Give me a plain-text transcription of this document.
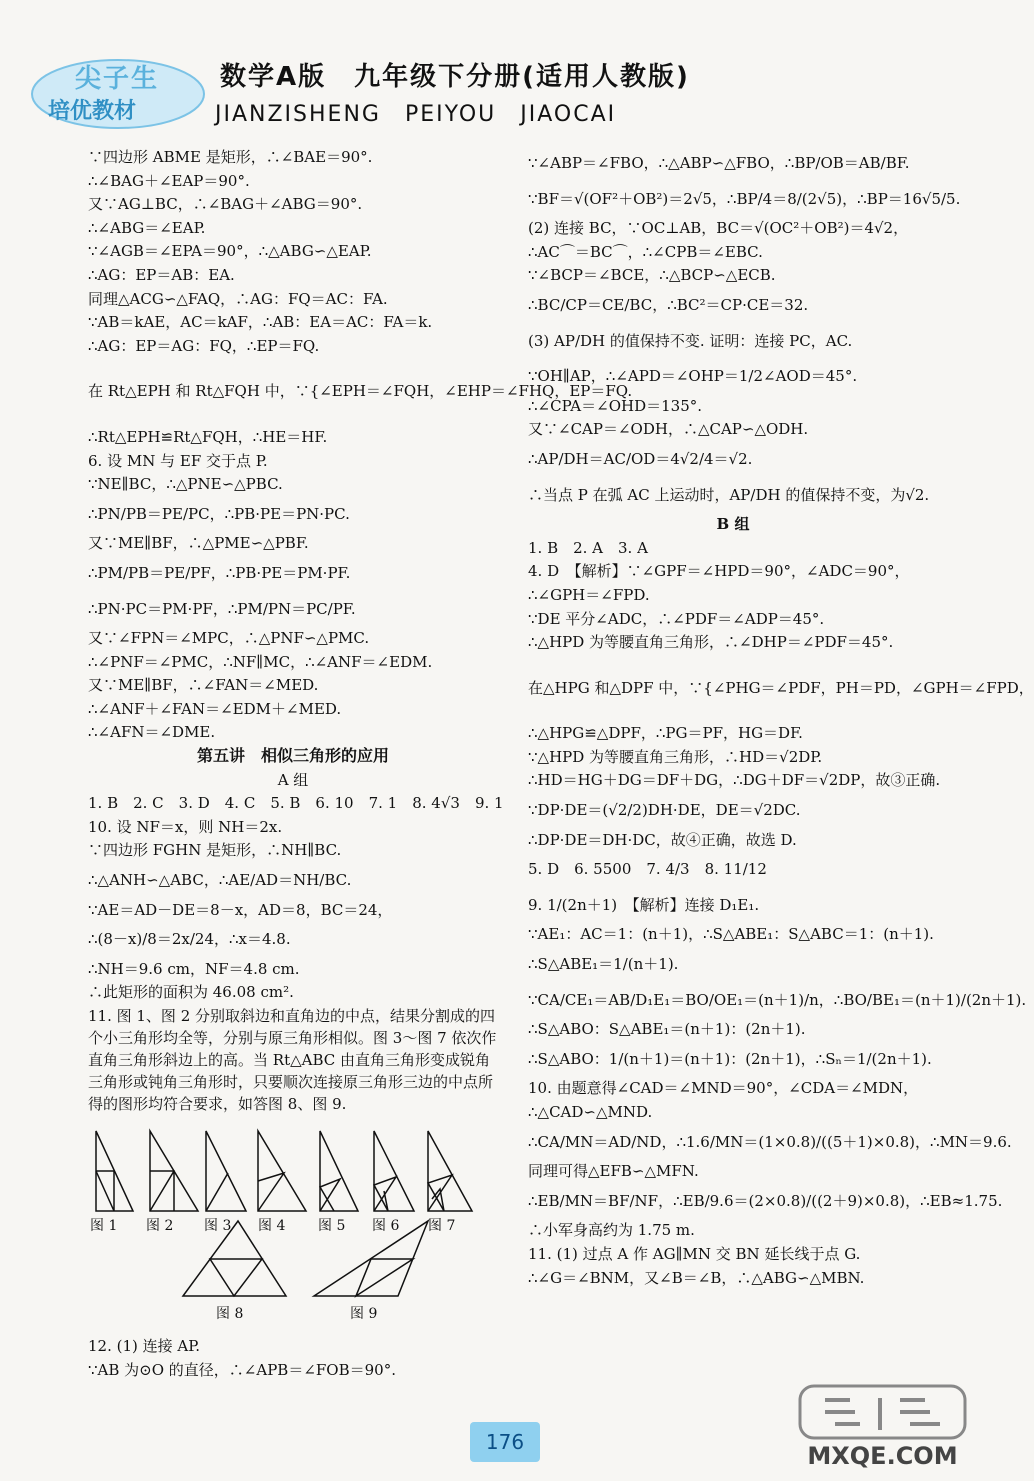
尖子生
培优教材
数学A版　九年级下分册(适用人教版)
JIANZISHENG　PEIYOU　JIAOCAI
∵四边形 ABME 是矩形，∴∠BAE＝90°.
∴∠BAG＋∠EAP＝90°.
又∵AG⊥BC，∴∠BAG＋∠ABG＝90°.
∴∠ABG＝∠EAP.
∵∠AGB＝∠EPA＝90°，∴△ABG∽△EAP.
∴AG：EP＝AB：EA.
同理△ACG∽△FAQ，∴AG：FQ＝AC：FA.
∵AB＝kAE，AC＝kAF，∴AB：EA＝AC：FA＝k.
∴AG：EP＝AG：FQ，∴EP＝FQ.
在 Rt△EPH 和 Rt△FQH 中，∵{∠EPH＝∠FQH，∠EHP＝∠FHQ，EP＝FQ.
∴Rt△EPH≌Rt△FQH，∴HE＝HF.
6. 设 MN 与 EF 交于点 P.
∵NE∥BC，∴△PNE∽△PBC.
∴PN/PB＝PE/PC，∴PB·PE＝PN·PC.
又∵ME∥BF，∴△PME∽△PBF.
∴PM/PB＝PE/PF，∴PB·PE＝PM·PF.
∴PN·PC＝PM·PF，∴PM/PN＝PC/PF.
又∵∠FPN＝∠MPC，∴△PNF∽△PMC.
∴∠PNF＝∠PMC，∴NF∥MC，∴∠ANF＝∠EDM.
又∵ME∥BF，∴∠FAN＝∠MED.
∴∠ANF＋∠FAN＝∠EDM＋∠MED.
∴∠AFN＝∠DME.
第五讲　相似三角形的应用
A 组
1. B　2. C　3. D　4. C　5. B　6. 10　7. 1　8. 4√3　9. 1
10. 设 NF＝x，则 NH＝2x.
∵四边形 FGHN 是矩形，∴NH∥BC.
∴△ANH∽△ABC，∴AE/AD＝NH/BC.
∵AE＝AD－DE＝8－x，AD＝8，BC＝24，
∴(8－x)/8＝2x/24，∴x＝4.8.
∴NH＝9.6 cm，NF＝4.8 cm.
∴此矩形的面积为 46.08 cm².
11. 图 1、图 2 分别取斜边和直角边的中点，结果分割成的四个小三角形均全等，分别与原三角形相似。图 3～图 7 依次作直角三角形斜边上的高。当 Rt△ABC 由直角三角形变成锐角三角形或钝角三角形时，只要顺次连接原三角形三边的中点所得的图形均符合要求，如答图 8、图 9.
图 1 图 2 图 3 图 4 图 5 图 6 图 7
图 8	图 9
12. (1) 连接 AP.
∵AB 为⊙O 的直径，∴∠APB＝∠FOB＝90°.
∵∠ABP＝∠FBO，∴△ABP∽△FBO，∴BP/OB＝AB/BF.
∵BF＝√(OF²＋OB²)＝2√5，∴BP/4＝8/(2√5)，∴BP＝16√5/5.
(2) 连接 BC，∵OC⊥AB，BC＝√(OC²＋OB²)＝4√2，
∴AC⌒＝BC⌒，∴∠CPB＝∠EBC.
∵∠BCP＝∠BCE，∴△BCP∽△ECB.
∴BC/CP＝CE/BC，∴BC²＝CP·CE＝32.
(3) AP/DH 的值保持不变. 证明：连接 PC，AC.
∵OH∥AP，∴∠APD＝∠OHP＝1/2∠AOD＝45°.
∴∠CPA＝∠OHD＝135°.
又∵∠CAP＝∠ODH，∴△CAP∽△ODH.
∴AP/DH＝AC/OD＝4√2/4＝√2.
∴当点 P 在弧 AC 上运动时，AP/DH 的值保持不变，为√2.
B 组
1. B　2. A　3. A
4. D　【解析】∵∠GPF＝∠HPD＝90°，∠ADC＝90°，
∴∠GPH＝∠FPD.
∵DE 平分∠ADC，∴∠PDF＝∠ADP＝45°.
∴△HPD 为等腰直角三角形，∴∠DHP＝∠PDF＝45°.
在△HPG 和△DPF 中，∵{∠PHG＝∠PDF，PH＝PD，∠GPH＝∠FPD，
∴△HPG≌△DPF，∴PG＝PF，HG＝DF.
∵△HPD 为等腰直角三角形，∴HD＝√2DP.
∴HD＝HG＋DG＝DF＋DG，∴DG＋DF＝√2DP，故③正确.
∵DP·DE＝(√2/2)DH·DE，DE＝√2DC.
∴DP·DE＝DH·DC，故④正确，故选 D.
5. D　6. 5500　7. 4/3　8. 11/12
9. 1/(2n＋1)　【解析】连接 D₁E₁.
∵AE₁：AC＝1：(n＋1)，∴S△ABE₁：S△ABC＝1：(n＋1).
∴S△ABE₁＝1/(n＋1).
∵CA/CE₁＝AB/D₁E₁＝BO/OE₁＝(n＋1)/n，∴BO/BE₁＝(n＋1)/(2n＋1).
∴S△ABO：S△ABE₁＝(n＋1)：(2n＋1).
∴S△ABO：1/(n＋1)＝(n＋1)：(2n＋1)，∴Sₙ＝1/(2n＋1).
10. 由题意得∠CAD＝∠MND＝90°，∠CDA＝∠MDN，
∴△CAD∽△MND.
∴CA/MN＝AD/ND，∴1.6/MN＝(1×0.8)/((5＋1)×0.8)，∴MN＝9.6.
同理可得△EFB∽△MFN.
∴EB/MN＝BF/NF，∴EB/9.6＝(2×0.8)/((2＋9)×0.8)，∴EB≈1.75.
∴小军身高约为 1.75 m.
11. (1) 过点 A 作 AG∥MN 交 BN 延长线于点 G.
∴∠G＝∠BNM，又∠B＝∠B，∴△ABG∽△MBN.
176	MXQE.COM
